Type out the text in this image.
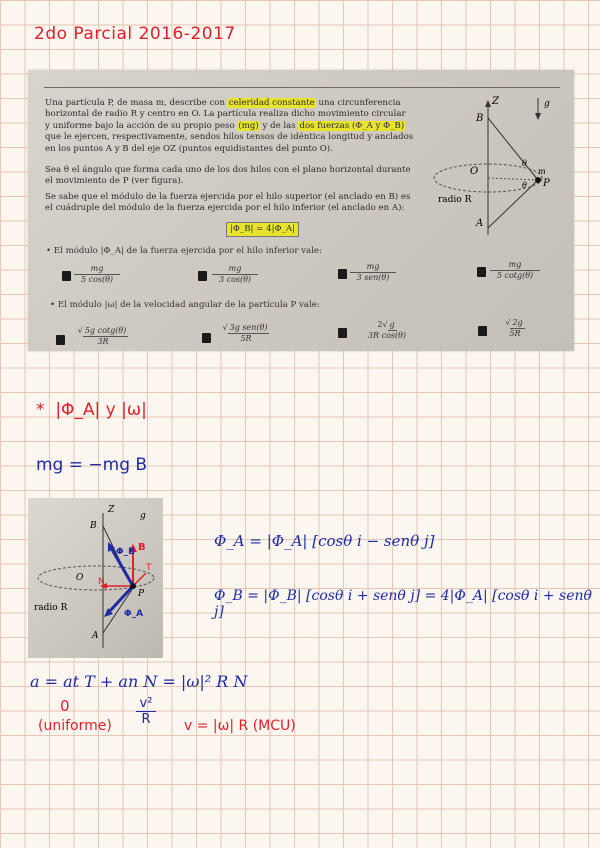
2do Parcial 2016-2017
Una partícula P, de masa m, describe con celeridad constante una circunferencia
horizontal de radio R y centro en O. La partícula realiza dicho movimiento circular
y uniforme bajo la acción de su propio peso (mg) y de las dos fuerzas (Φ_A y Φ_B)
que le ejercen, respectivamente, sendos hilos tensos de idéntica longitud y anclados
en los puntos A y B del eje OZ (puntos equidistantes del punto O).
Sea θ el ángulo que forma cada uno de los dos hilos con el plano horizontal durante
el movimiento de P (ver figura).
Se sabe que el módulo de la fuerza ejercida por el hilo superior (el anclado en B) es
el cuádruple del módulo de la fuerza ejercida por el hilo inferior (el anclado en A):
|Φ_B| = 4|Φ_A|
• El módulo |Φ_A| de la fuerza ejercida por el hilo inferior vale:
$\frac{mg}{5 \cos(\theta)}$	$\frac{mg}{3 \cos(\theta)}$	mg
3 sen(θ)	$\frac{mg}{5 \cot g(\theta)}$
• El módulo |ω| de la velocidad angular de la partícula P vale:
√ 5g cotg(θ)
3R
√ 3g sen(θ)
5R
2√ g
3R cos(θ)
√ 2g
5R
Z
B
A
O
P
m
θ
θ
radio R
g
* |Φ_A| y |ω|
mg = −mg B
Z
B
A
O
P
N
T
Φ_B
Φ_A
B
radio R
g
Φ_A = |Φ_A| [cosθ i − senθ j]
Φ_B = |Φ_B| [cosθ i + senθ j] = 4|Φ_A| [cosθ i + senθ j]
a = at T + an N = |ω|² R N
0
(uniforme)
v²
R	v = |ω| R (MCU)
